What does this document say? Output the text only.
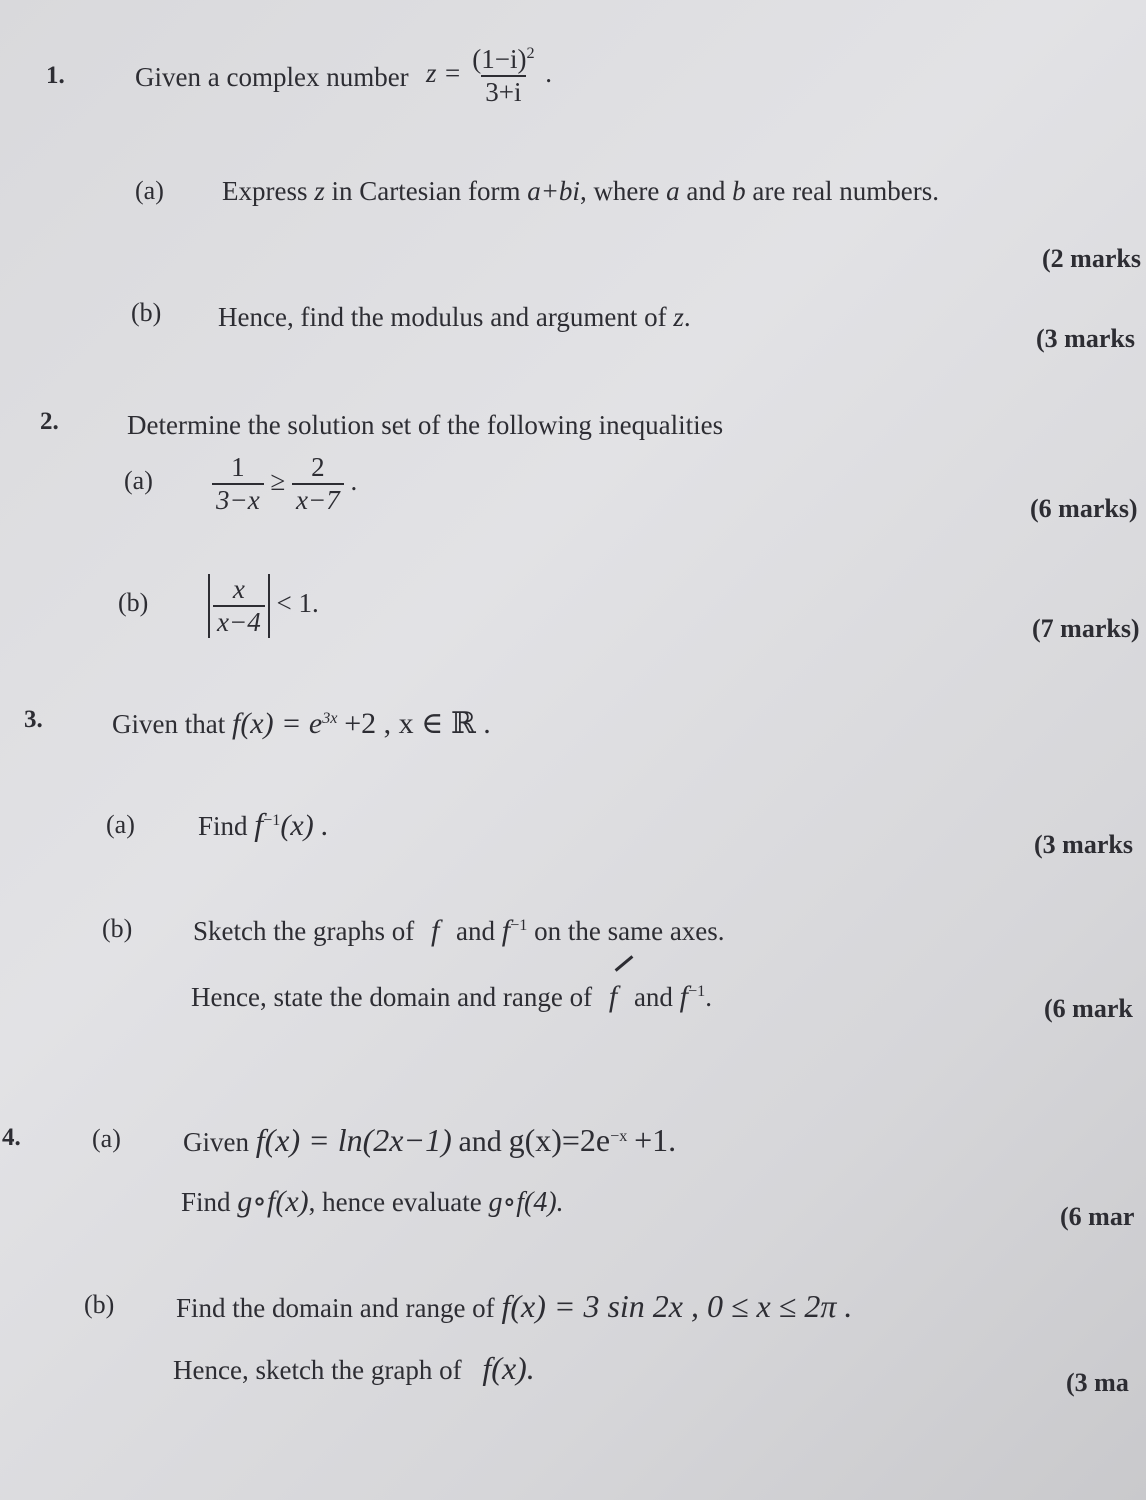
1.	Given a complex number $z = \frac{(1-i)^2}{3+i}$ .
(a) Express z in Cartesian form a+bi, where a and b are real numbers.
(2 marks
(b) Hence, find the modulus and argument of z.
(3 marks
2.	Determine the solution set of the following inequalities
$(a) \frac{1}{3-x} \ge \frac{2}{x-7}$ .
(6 marks)
$(b) \frac{x}{x-4} < 1$.
(7 marks)
3.	Given that $f(x) = e^{3x} +2$ , x ∈ ℝ .
(a) Find $f^{-1}(x)$ .
(3 marks
(b) Sketch the graphs of f and $f^{-1}$ on the same axes.
Hence, state the domain and range of f and $f^{-1}$.	(6 mark
4.	(a) Given f(x) = ln(2x−1) and $g(x)=2e^{-x} +1$.
Find g∘f(x), hence evaluate g∘f(4).	(6 mar
(b) Find the domain and range of f(x) = 3 sin 2x , 0 ≤ x ≤ 2π .
Hence, sketch the graph of f(x).	(3 ma
